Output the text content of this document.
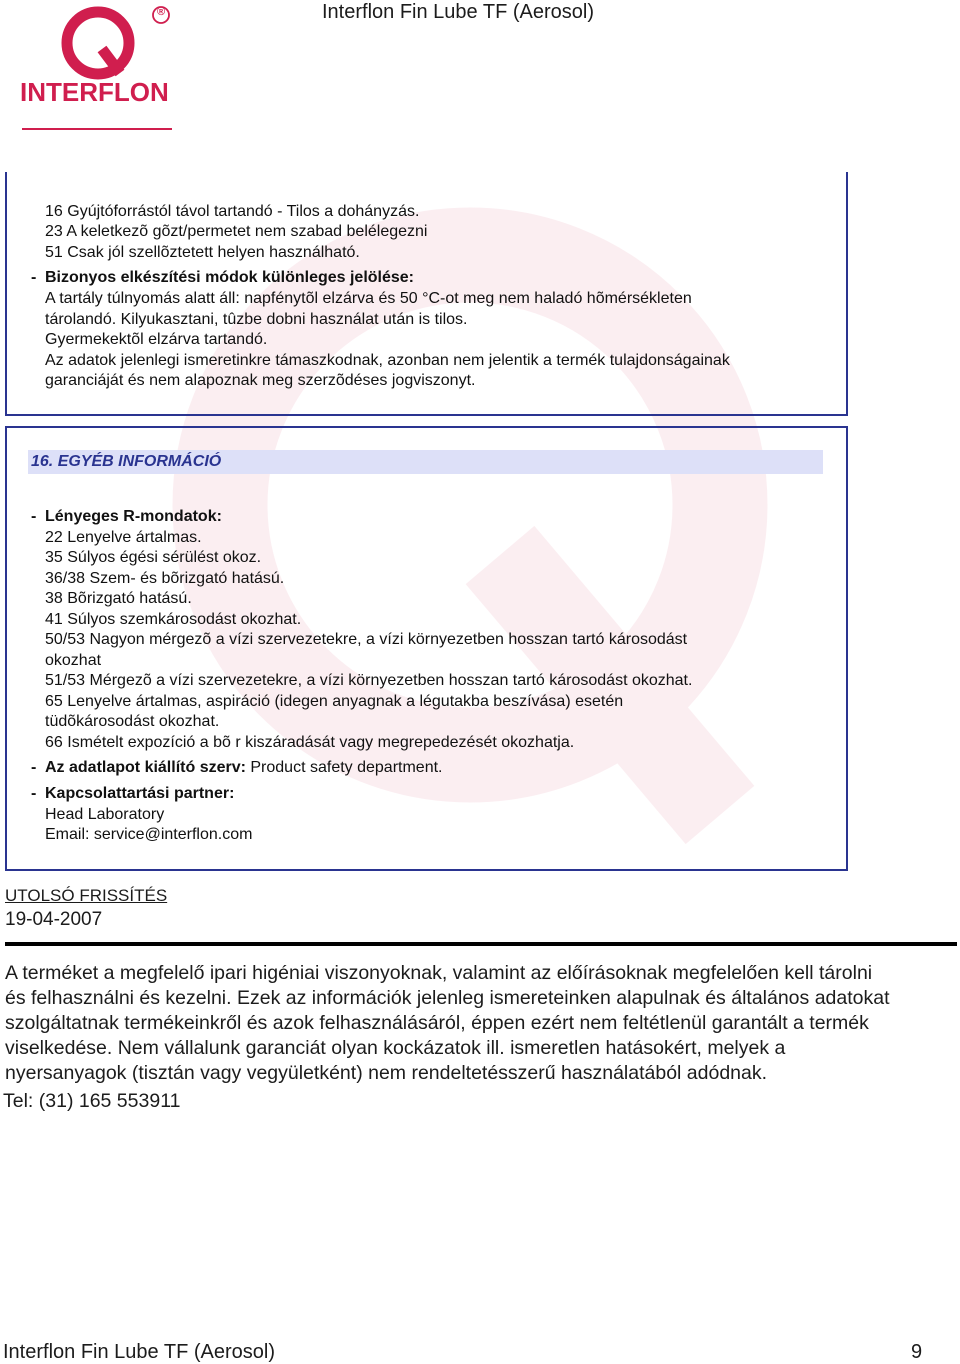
®
INTERFLON
Interflon Fin Lube TF (Aerosol)
16 Gyújtóforrástól távol tartandó - Tilos a dohányzás.
23 A keletkezõ gõzt/permetet nem szabad belélegezni
51 Csak jól szellõztetett helyen használható.
- Bizonyos elkészítési módok különleges jelölése:
A tartály túlnyomás alatt áll: napfénytõl elzárva és 50 °C-ot meg nem haladó hõmérsékleten
tárolandó. Kilyukasztani, tûzbe dobni használat után is tilos.
Gyermekektõl elzárva tartandó.
Az adatok jelenlegi ismeretinkre támaszkodnak, azonban nem jelentik a termék tulajdonságainak
garanciáját és nem alapoznak meg szerzõdéses jogviszonyt.
16. EGYÉB INFORMÁCIÓ
- Lényeges R-mondatok:
22 Lenyelve ártalmas.
35 Súlyos égési sérülést okoz.
36/38 Szem- és bõrizgató hatású.
38 Bõrizgató hatású.
41 Súlyos szemkárosodást okozhat.
50/53 Nagyon mérgezõ a vízi szervezetekre, a vízi környezetben hosszan tartó károsodást
okozhat
51/53 Mérgezõ a vízi szervezetekre, a vízi környezetben hosszan tartó károsodást okozhat.
65 Lenyelve ártalmas, aspiráció (idegen anyagnak a légutakba beszívása) esetén
tüdõkárosodást okozhat.
66 Ismételt expozíció a bõ r kiszáradását vagy megrepedezését okozhatja.
- Az adatlapot kiállító szerv: Product safety department.
- Kapcsolattartási partner:
Head Laboratory
Email: service@interflon.com
UTOLSÓ FRISSÍTÉS
19-04-2007
A terméket a megfelelő ipari higéniai viszonyoknak, valamint az előírásoknak megfelelően kell tárolni
és felhasználni és kezelni. Ezek az információk jelenleg ismereteinken alapulnak és általános adatokat
szolgáltatnak termékeinkről és azok felhasználásáról, éppen ezért nem feltétlenül garantált a termék
viselkedése. Nem vállalunk garanciát olyan kockázatok ill. ismeretlen hatásokért, melyek a
nyersanyagok (tisztán vagy vegyületként) nem rendeltetésszerű használatából adódnak.
Tel: (31) 165 553911
Interflon Fin Lube TF (Aerosol)	9
